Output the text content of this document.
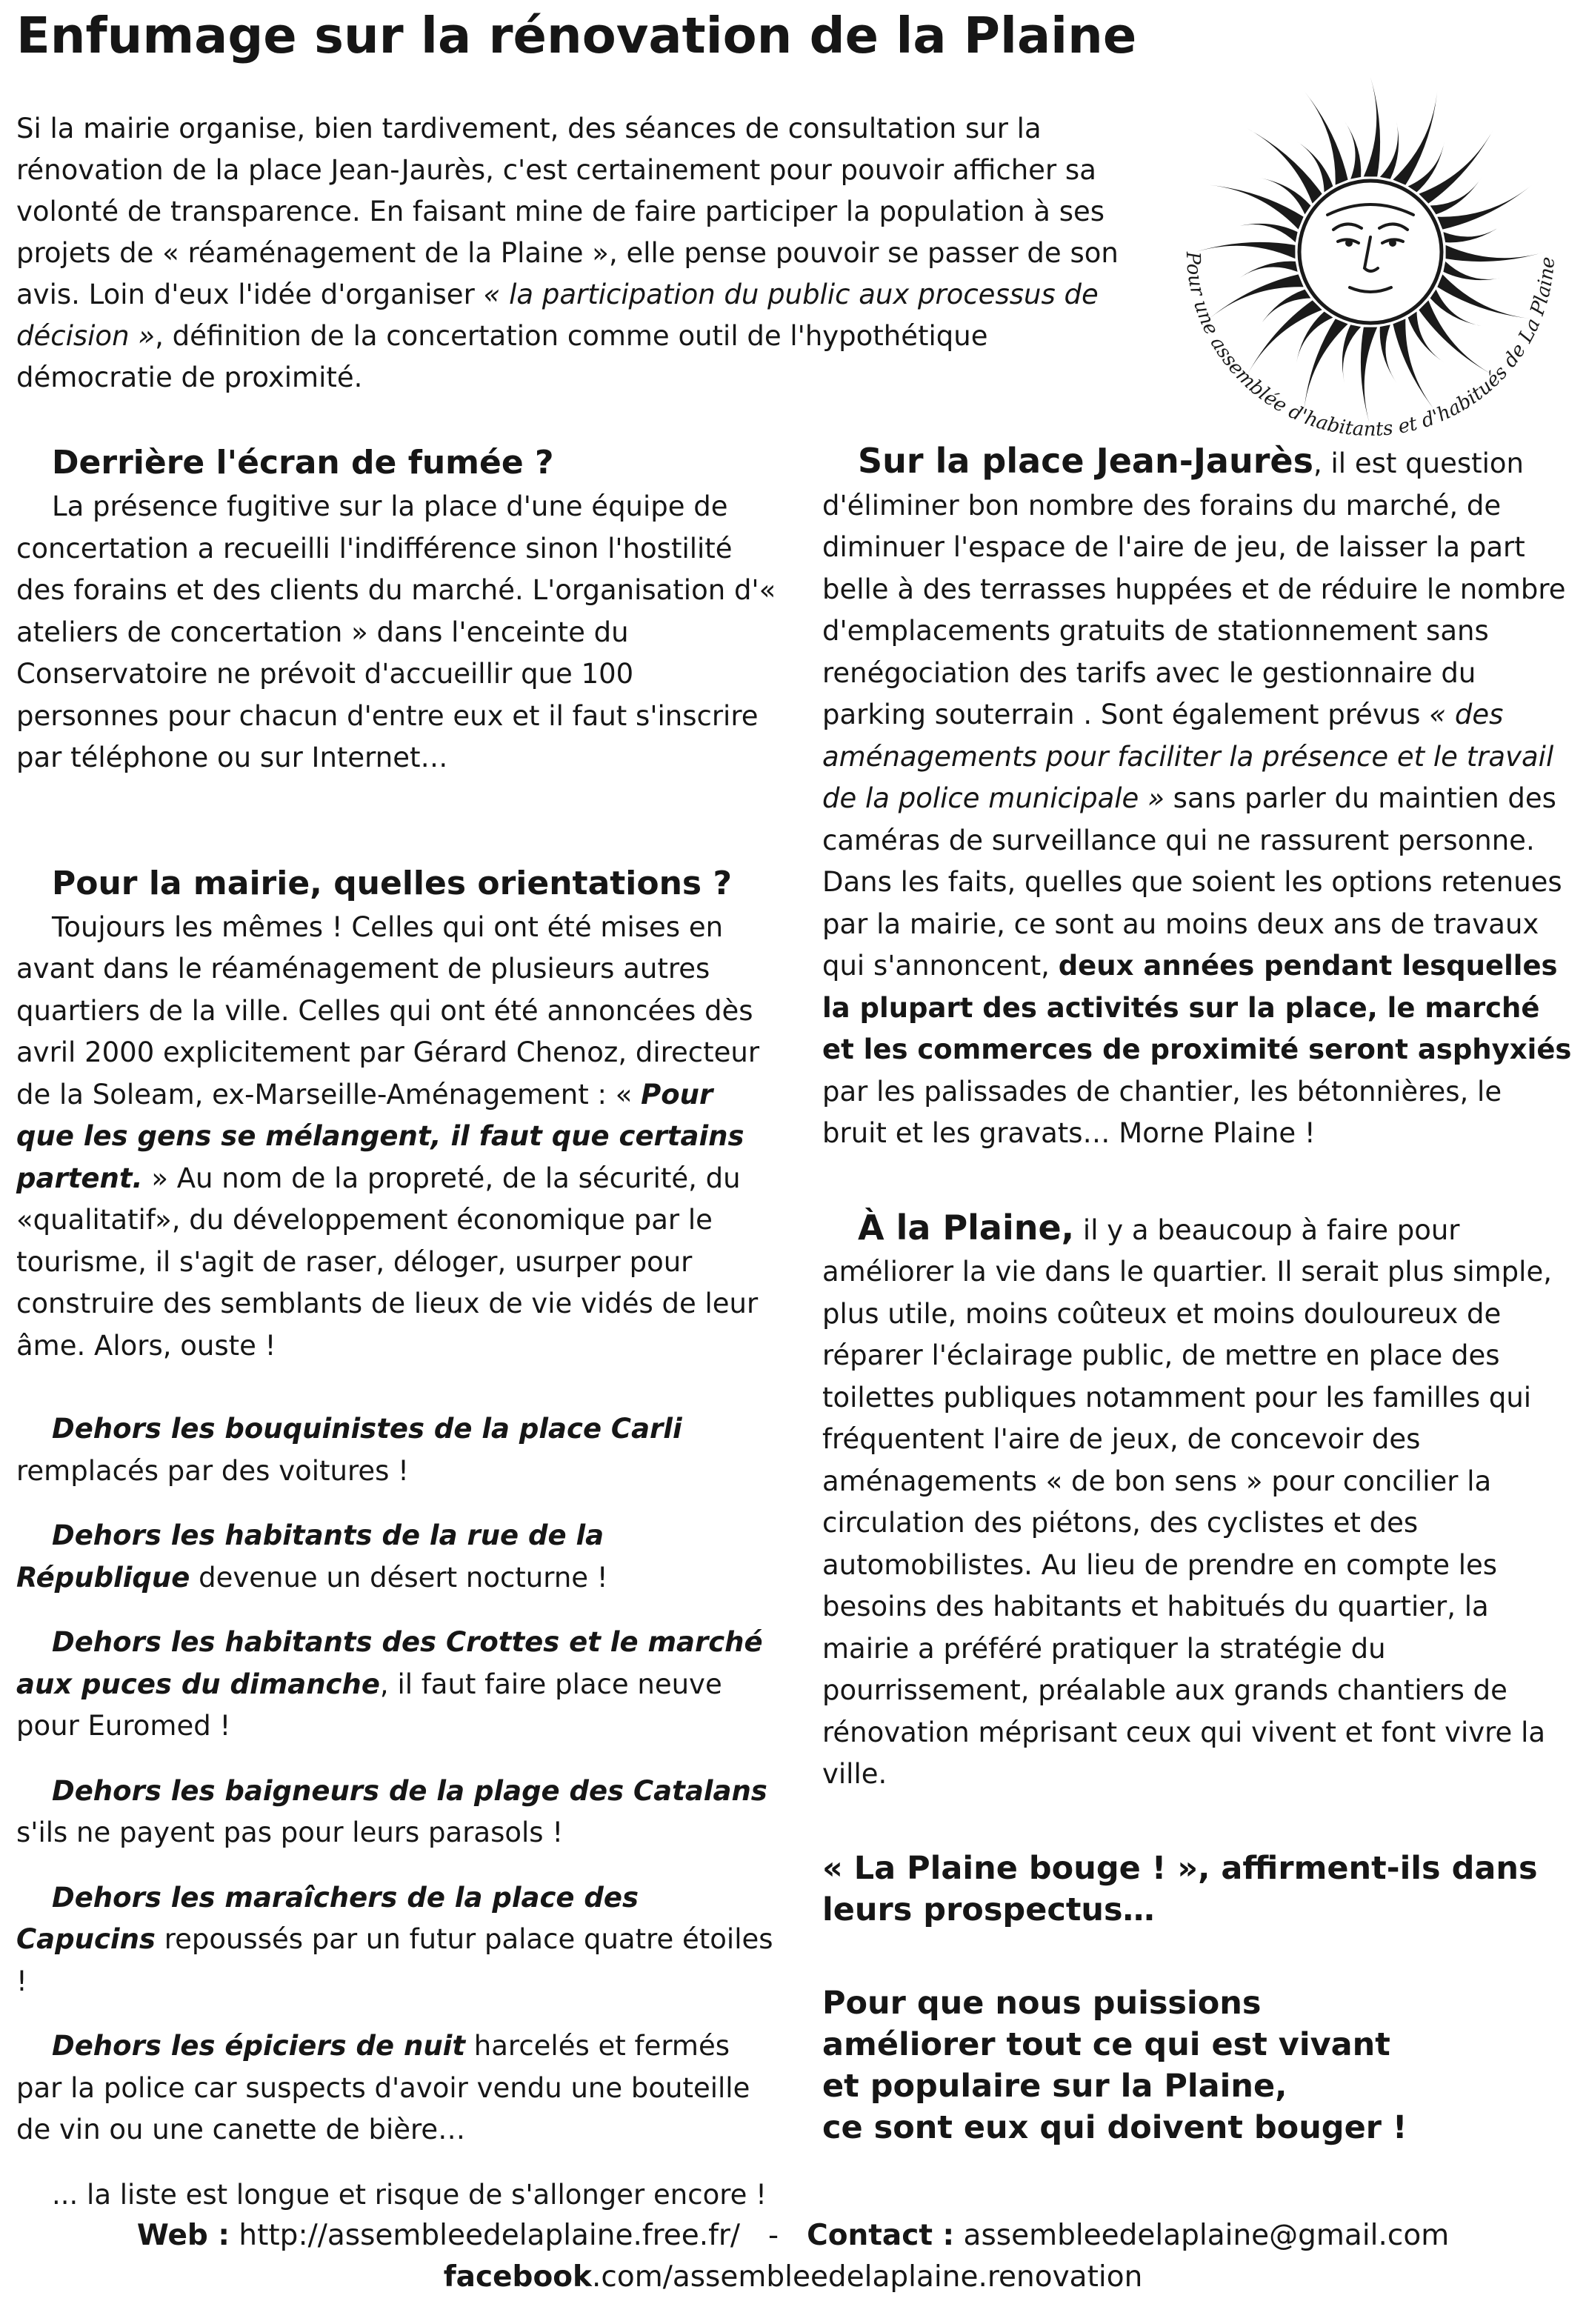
Enfumage sur la rénovation de la Plaine
Si la mairie organise, bien tardivement, des séances de consultation sur la rénovation de la place Jean-Jaurès, c'est certainement pour pouvoir afficher sa volonté de transparence. En faisant mine de faire participer la population à ses projets de « réaménagement de la Plaine », elle pense pouvoir se passer de son avis. Loin d'eux l'idée d'organiser « la participation du public aux processus de décision », définition de la concertation comme outil de l'hypothétique démocratie de proximité.
Pour une assemblée d'habitants et d'habitués de La Plaine
Derrière l'écran de fumée ?

La présence fugitive sur la place d'une équipe de concertation a recueilli l'indifférence sinon l'hostilité des forains et des clients du marché. L'organisation d'« ateliers de concertation » dans l'enceinte du Conservatoire ne prévoit d'accueillir que 100 personnes pour chacun d'entre eux et il faut s'inscrire par téléphone ou sur Internet…

Pour la mairie, quelles orientations ?

Toujours les mêmes ! Celles qui ont été mises en avant dans le réaménagement de plusieurs autres quartiers de la ville. Celles qui ont été annoncées dès avril 2000 explicitement par Gérard Chenoz, directeur de la Soleam, ex-Marseille-Aménagement : « Pour que les gens se mélangent, il faut que certains partent. » Au nom de la propreté, de la sécurité, du «qualitatif», du développement économique par le tourisme, il s'agit de raser, déloger, usurper pour construire des semblants de lieux de vie vidés de leur âme. Alors, ouste !

Dehors les bouquinistes de la place Carli remplacés par des voitures !

Dehors les habitants de la rue de la République devenue un désert nocturne !

Dehors les habitants des Crottes et le marché aux puces du dimanche, il faut faire place neuve pour Euromed !

Dehors les baigneurs de la plage des Catalans s'ils ne payent pas pour leurs parasols !

Dehors les maraîchers de la place des Capucins repoussés par un futur palace quatre étoiles !

Dehors les épiciers de nuit harcelés et fermés par la police car suspects d'avoir vendu une bouteille de vin ou une canette de bière…

... la liste est longue et risque de s'allonger encore !

Sur la place Jean-Jaurès, il est question d'éliminer bon nombre des forains du marché, de diminuer l'espace de l'aire de jeu, de laisser la part belle à des terrasses huppées et de réduire le nombre d'emplacements gratuits de stationnement sans renégociation des tarifs avec le gestionnaire du parking souterrain . Sont également prévus « des aménagements pour faciliter la présence et le travail de la police municipale » sans parler du maintien des caméras de surveillance qui ne rassurent personne. Dans les faits, quelles que soient les options retenues par la mairie, ce sont au moins deux ans de travaux qui s'annoncent, deux années pendant lesquelles la plupart des activités sur la place, le marché et les commerces de proximité seront asphyxiés par les palissades de chantier, les bétonnières, le bruit et les gravats… Morne Plaine !

À la Plaine, il y a beaucoup à faire pour améliorer la vie dans le quartier. Il serait plus simple, plus utile, moins coûteux et moins douloureux de réparer l'éclairage public, de mettre en place des toilettes publiques notamment pour les familles qui fréquentent l'aire de jeux, de concevoir des aménagements « de bon sens » pour concilier la circulation des piétons, des cyclistes et des automobilistes. Au lieu de prendre en compte les besoins des habitants et habitués du quartier, la mairie a préféré pratiquer la stratégie du pourrissement, préalable aux grands chantiers de rénovation méprisant ceux qui vivent et font vivre la ville.

« La Plaine bouge ! », affirment-ils dans
leurs prospectus…
Pour que nous puissions
améliorer tout ce qui est vivant
et populaire sur la Plaine,
ce sont eux qui doivent bouger !
Web : http://assembleedelaplaine.free.fr/ - Contact : assembleedelaplaine@gmail.com
facebook.com/assembleedelaplaine.renovation
